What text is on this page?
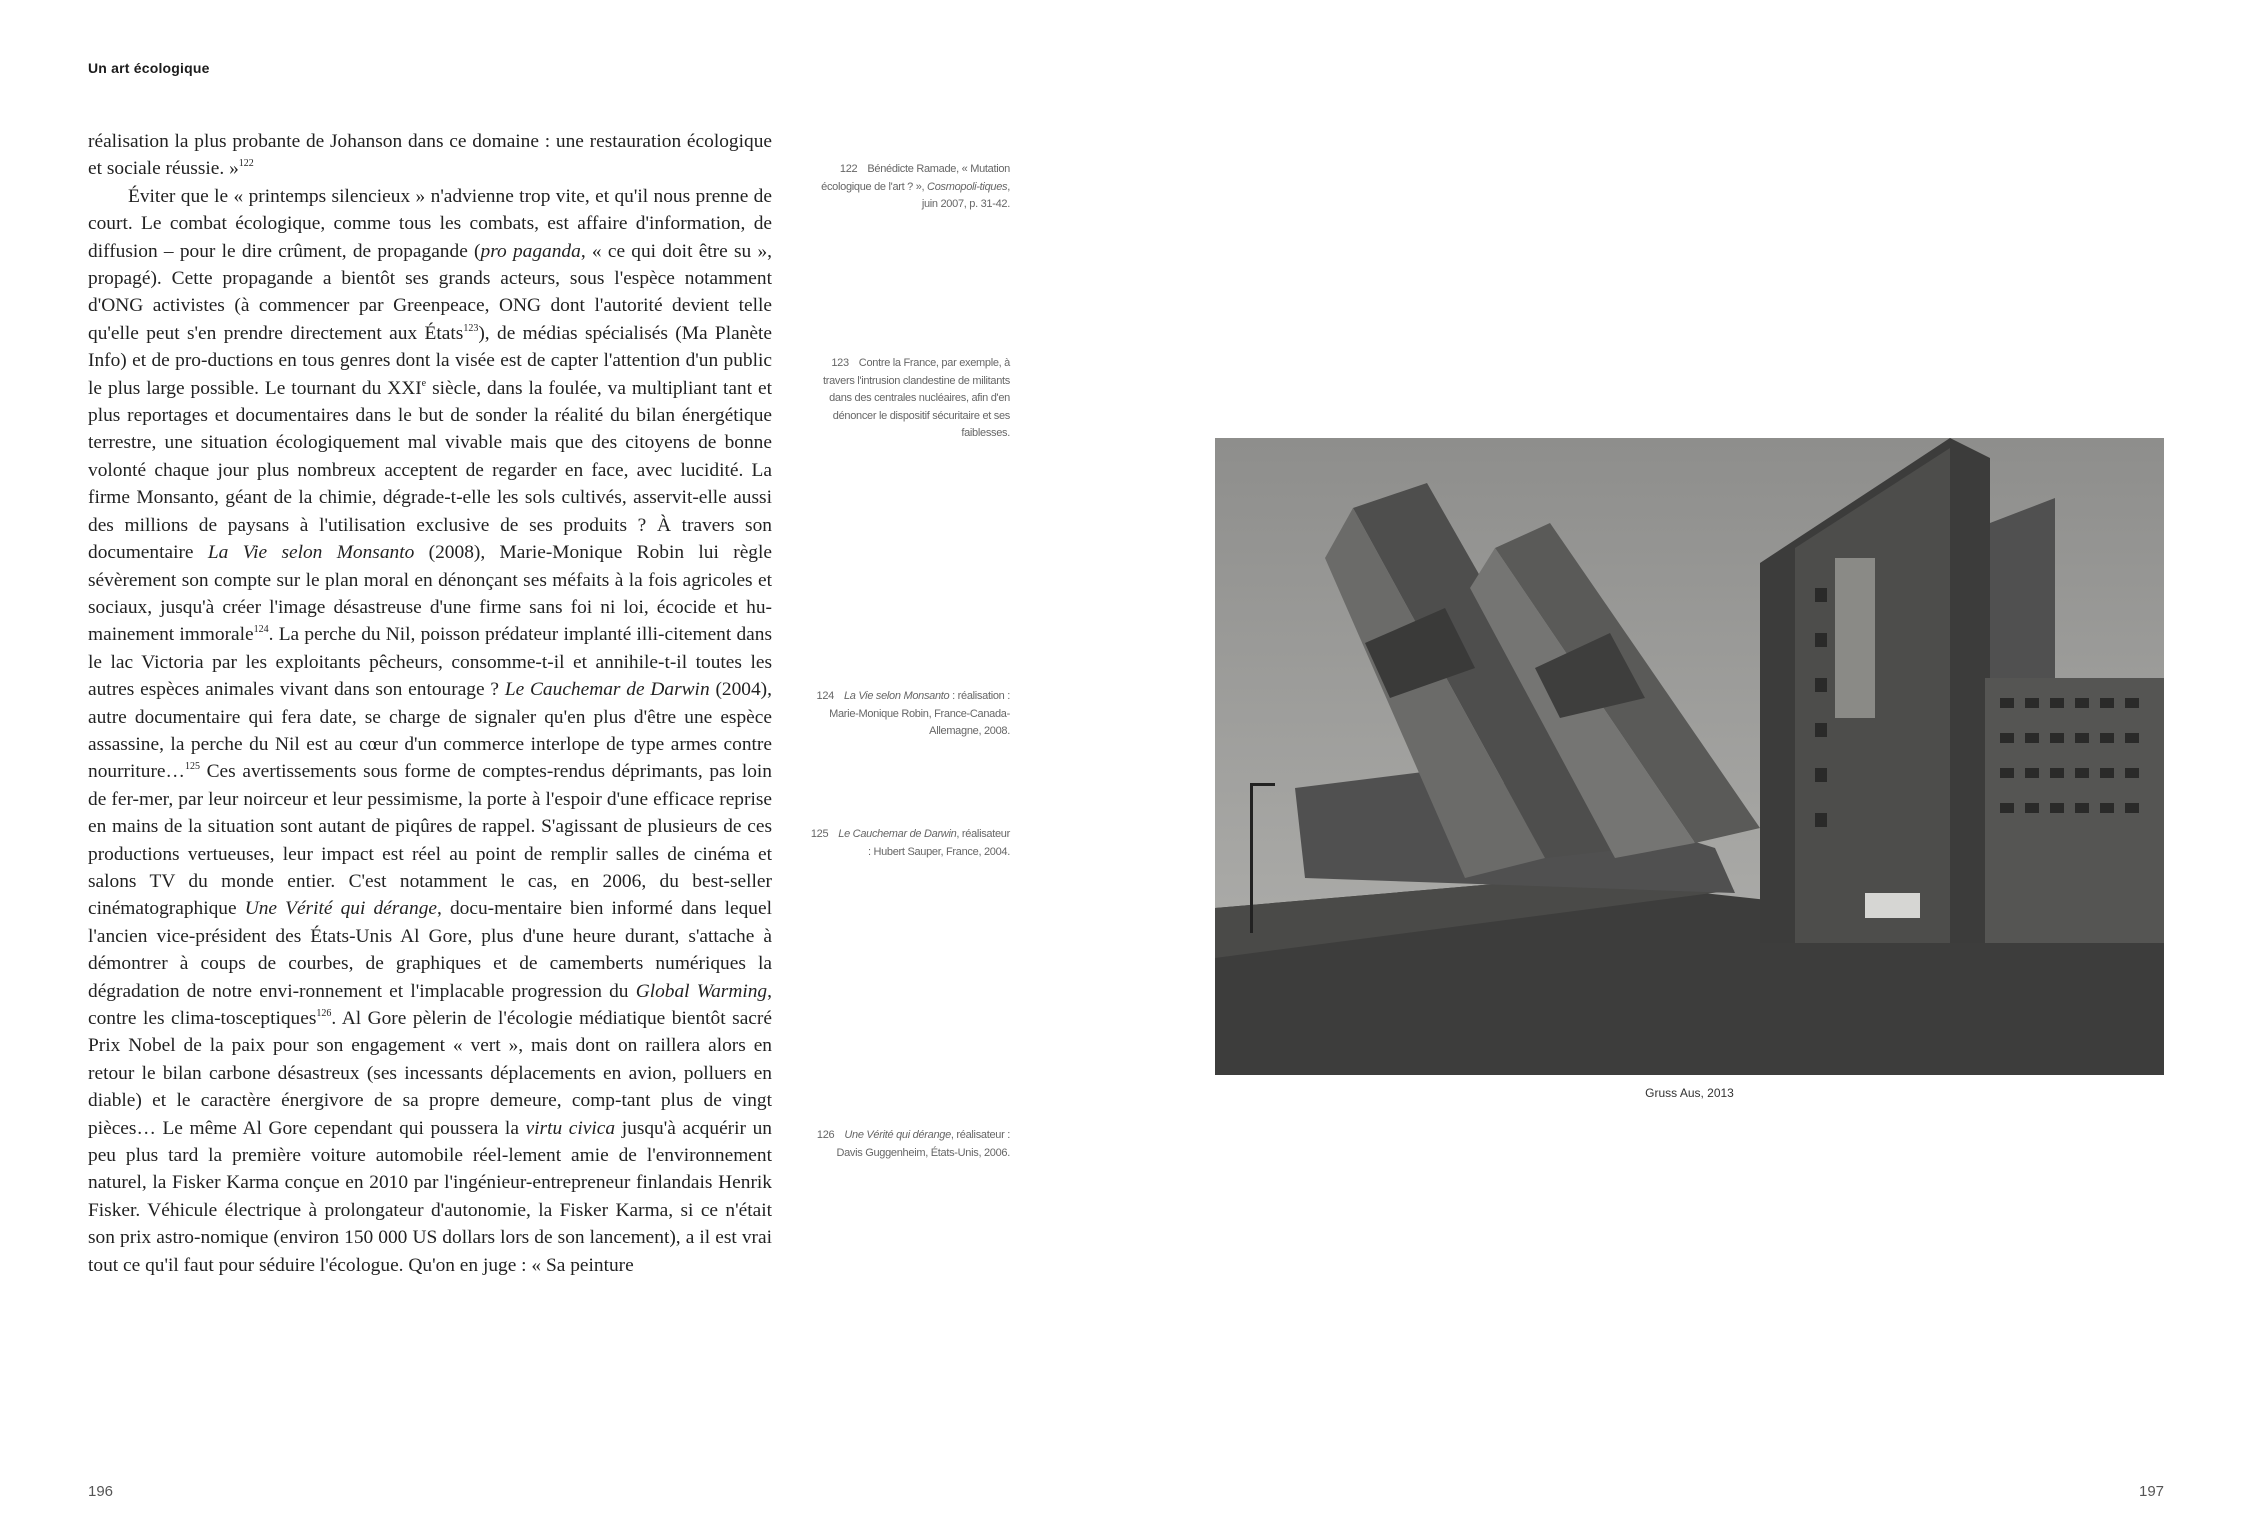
Un art écologique

réalisation la plus probante de Johanson dans ce domaine : une restauration écologique et sociale réussie. »$^{122}$

Éviter que le « printemps silencieux » n'advienne trop vite, et qu'il nous prenne de court. Le combat écologique, comme tous les combats, est affaire d'information, de diffusion – pour le dire crûment, de propagande (pro paganda, « ce qui doit être su », propagé). Cette propagande a bientôt ses grands acteurs, sous l'espèce notamment d'ONG activistes (à commencer par Greenpeace, ONG dont l'autorité devient telle qu'elle peut s'en prendre directement aux États$^{123}$), de médias spécialisés (Ma Planète Info) et de pro-ductions en tous genres dont la visée est de capter l'attention d'un public le plus large possible. Le tournant du XXIe siècle, dans la foulée, va multipliant tant et plus reportages et documentaires dans le but de sonder la réalité du bilan énergétique terrestre, une situation écologiquement mal vivable mais que des citoyens de bonne volonté chaque jour plus nombreux acceptent de regarder en face, avec lucidité. La firme Monsanto, géant de la chimie, dégrade-t-elle les sols cultivés, asservit-elle aussi des millions de paysans à l'utilisation exclusive de ses produits ? À travers son documentaire La Vie selon Monsanto (2008), Marie-Monique Robin lui règle sévèrement son compte sur le plan moral en dénonçant ses méfaits à la fois agricoles et sociaux, jusqu'à créer l'image désastreuse d'une firme sans foi ni loi, écocide et hu-mainement immorale$^{124}$. La perche du Nil, poisson prédateur implanté illi-citement dans le lac Victoria par les exploitants pêcheurs, consomme-t-il et annihile-t-il toutes les autres espèces animales vivant dans son entourage ? Le Cauchemar de Darwin (2004), autre documentaire qui fera date, se charge de signaler qu'en plus d'être une espèce assassine, la perche du Nil est au cœur d'un commerce interlope de type armes contre nourriture…$^{125}$ Ces avertissements sous forme de comptes-rendus déprimants, pas loin de fer-mer, par leur noirceur et leur pessimisme, la porte à l'espoir d'une efficace reprise en mains de la situation sont autant de piqûres de rappel. S'agissant de plusieurs de ces productions vertueuses, leur impact est réel au point de remplir salles de cinéma et salons TV du monde entier. C'est notamment le cas, en 2006, du best-seller cinématographique Une Vérité qui dérange, docu-mentaire bien informé dans lequel l'ancien vice-président des États-Unis Al Gore, plus d'une heure durant, s'attache à démontrer à coups de courbes, de graphiques et de camemberts numériques la dégradation de notre envi-ronnement et l'implacable progression du Global Warming, contre les clima-tosceptiques$^{126}$. Al Gore pèlerin de l'écologie médiatique bientôt sacré Prix Nobel de la paix pour son engagement « vert », mais dont on raillera alors en retour le bilan carbone désastreux (ses incessants déplacements en avion, polluers en diable) et le caractère énergivore de sa propre demeure, comp-tant plus de vingt pièces… Le même Al Gore cependant qui poussera la virtu civica jusqu'à acquérir un peu plus tard la première voiture automobile réel-lement amie de l'environnement naturel, la Fisker Karma conçue en 2010 par l'ingénieur-entrepreneur finlandais Henrik Fisker. Véhicule électrique à prolongateur d'autonomie, la Fisker Karma, si ce n'était son prix astro-nomique (environ 150 000 US dollars lors de son lancement), a il est vrai tout ce qu'il faut pour séduire l'écologue. Qu'on en juge : « Sa peinture

122 Bénédicte Ramade, « Mutation écologique de l'art ? », Cosmopoli-tiques, juin 2007, p. 31-42.
123 Contre la France, par exemple, à travers l'intrusion clandestine de militants dans des centrales nucléaires, afin d'en dénoncer le dispositif sécuritaire et ses faiblesses.
124 La Vie selon Monsanto : réalisation : Marie-Monique Robin, France-Canada-Allemagne, 2008.
125 Le Cauchemar de Darwin, réalisateur : Hubert Sauper, France, 2004.
126 Une Vérité qui dérange, réalisateur : Davis Guggenheim, États-Unis, 2006.
Gruss Aus, 2013
196	197
